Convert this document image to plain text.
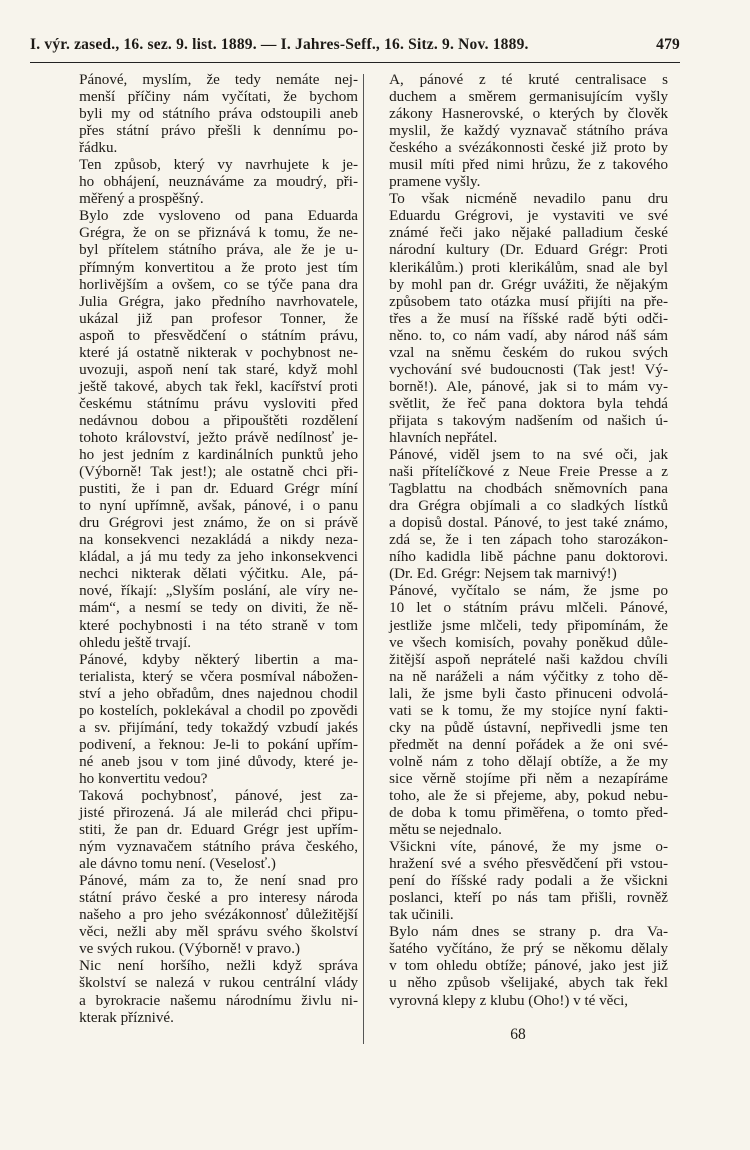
I. výr. zased., 16. sez. 9. list. 1889. — I. Jahres-Seff., 16. Sitz. 9. Nov. 1889.	479

Pánové, myslím, že tedy nemáte nej-
menší příčiny nám vyčítati, že bychom
byli my od státního práva odstoupili aneb
přes státní právo přešli k dennímu po-
řádku.

Ten způsob, který vy navrhujete k je-
ho obhájení, neuznáváme za moudrý, při-
měřený a prospěšný.

Bylo zde vysloveno od pana Eduarda
Grégra, že on se přiznává k tomu, že ne-
byl přítelem státního práva, ale že je u-
přímným konvertitou a že proto jest tím
horlivějším a ovšem, co se týče pana dra
Julia Grégra, jako předního navrhovatele,
ukázal již pan profesor Tonner, že
aspoň to přesvědčení o státním právu,
které já ostatně nikterak v pochybnost ne-
uvozuji, aspoň není tak staré, když mohl
ještě takové, abych tak řekl, kacířství proti
českému státnímu právu vysloviti před
nedávnou dobou a připouštěti rozdělení
tohoto království, ježto právě nedílnosť je-
ho jest jedním z kardinálních punktů jeho
(Výborně! Tak jest!); ale ostatně chci při-
pustiti, že i pan dr. Eduard Grégr míní
to nyní upřímně, avšak, pánové, i o panu
dru Grégrovi jest známo, že on si právě
na konsekvenci nezakládá a nikdy neza-
kládal, a já mu tedy za jeho inkonsekvenci
nechci nikterak dělati výčitku. Ale, pá-
nové, říkají: „Slyším poslání, ale víry ne-
mám“, a nesmí se tedy on diviti, že ně-
které pochybnosti i na této straně v tom
ohledu ještě trvají.

Pánové, kdyby některý libertin a ma-
terialista, který se včera posmíval nábožen-
ství a jeho obřadům, dnes najednou chodil
po kostelích, poklekával a chodil po zpovědi
a sv. přijímání, tedy tokaždý vzbudí jakés
podivení, a řeknou: Je-li to pokání upřím-
né aneb jsou v tom jiné důvody, které je-
ho konvertitu vedou?

Taková pochybnosť, pánové, jest za-
jisté přirozená. Já ale milerád chci připu-
stiti, že pan dr. Eduard Grégr jest upřím-
ným vyznavačem státního práva českého,
ale dávno tomu není. (Veselosť.)

Pánové, mám za to, že není snad pro
státní právo české a pro interesy národa
našeho a pro jeho svézákonnosť důležitější
věci, nežli aby měl správu svého školství
ve svých rukou. (Výborně! v pravo.)

Nic není horšího, nežli když správa
školství se nalezá v rukou centrální vlády
a byrokracie našemu národnímu živlu ni-
kterak příznivé.

A, pánové z té kruté centralisace s
duchem a směrem germanisujícím vyšly
zákony Hasnerovské, o kterých by člověk
myslil, že každý vyznavač státního práva
českého a svézákonnosti české již proto by
musil míti před nimi hrůzu, že z takového
pramene vyšly.

To však nicméně nevadilo panu dru
Eduardu Grégrovi, je vystaviti ve své
známé řeči jako nějaké palladium české
národní kultury (Dr. Eduard Grégr: Proti
klerikálům.) proti klerikálům, snad ale byl
by mohl pan dr. Grégr uvážiti, že nějakým
způsobem tato otázka musí přijíti na pře-
třes a že musí na říšské radě býti odči-
něno. to, co nám vadí, aby národ náš sám
vzal na sněmu českém do rukou svých
vychování své budoucnosti (Tak jest! Vý-
borně!). Ale, pánové, jak si to mám vy-
světlit, že řeč pana doktora byla tehdá
přijata s takovým nadšením od našich ú-
hlavních nepřátel.

Pánové, viděl jsem to na své oči, jak
naši přítelíčkové z Neue Freie Presse a z
Tagblattu na chodbách sněmovních pana
dra Grégra objímali a co sladkých lístků
a dopisů dostal. Pánové, to jest také známo,
zdá se, že i ten zápach toho starozákon-
ního kadidla libě páchne panu doktorovi.
(Dr. Ed. Grégr: Nejsem tak marnivý!)

Pánové, vyčítalo se nám, že jsme po
10 let o státním právu mlčeli. Pánové,
jestliže jsme mlčeli, tedy připomínám, že
ve všech komisích, povahy poněkud důle-
žitější aspoň neprátelé naši každou chvíli
na ně naráželi a nám výčitky z toho dě-
lali, že jsme byli často přinuceni odvolá-
vati se k tomu, že my stojíce nyní fakti-
cky na půdě ústavní, nepřivedli jsme ten
předmět na denní pořádek a že oni své-
volně nám z toho dělají obtíže, a že my
sice věrně stojíme při něm a nezapíráme
toho, ale že si přejeme, aby, pokud nebu-
de doba k tomu přiměřena, o tomto před-
mětu se nejednalo.

Všickni víte, pánové, že my jsme o-
hražení své a svého přesvědčení při vstou-
pení do říšské rady podali a že všickni
poslanci, kteří po nás tam přišli, rovněž
tak učinili.

Bylo nám dnes se strany p. dra Va-
šatého vyčítáno, že prý se někomu dělaly
v tom ohledu obtíže; pánové, jako jest již
u něho způsob všelijaké, abych tak řekl
vyrovná klepy z klubu (Oho!) v té věci,

68
